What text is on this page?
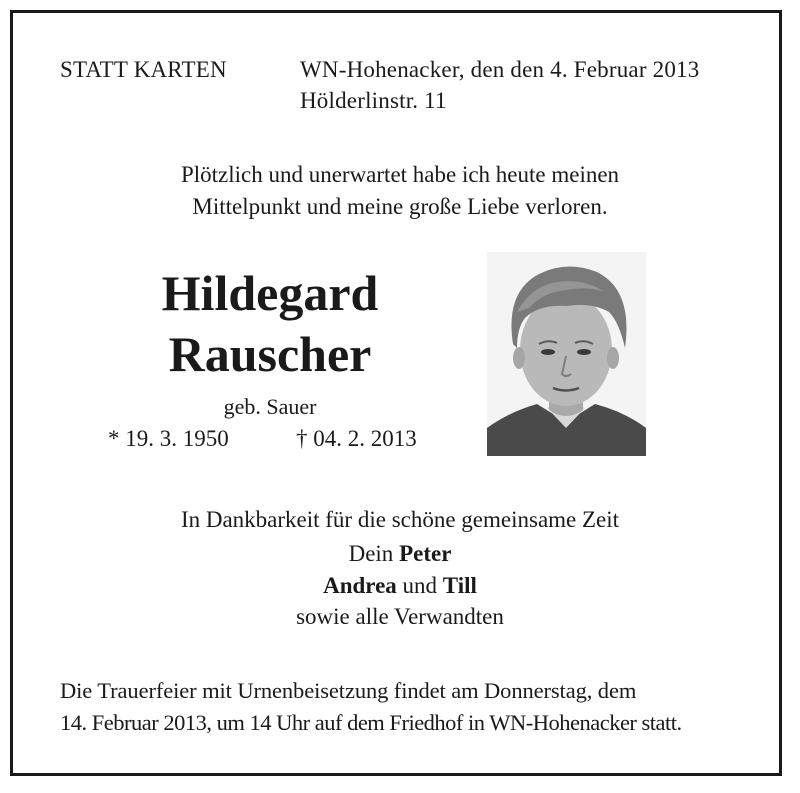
STATT KARTEN	WN-Hohenacker, den den 4. Februar 2013
Hölderlinstr. 11
Plötzlich und unerwartet habe ich heute meinen
Mittelpunkt und meine große Liebe verloren.
Hildegard
Rauscher
geb. Sauer
* 19. 3. 1950	† 04. 2. 2013
In Dankbarkeit für die schöne gemeinsame Zeit
Dein Peter
Andrea und Till
sowie alle Verwandten
Die Trauerfeier mit Urnenbeisetzung findet am Donnerstag, dem
14. Februar 2013, um 14 Uhr auf dem Friedhof in WN-Hohenacker statt.
